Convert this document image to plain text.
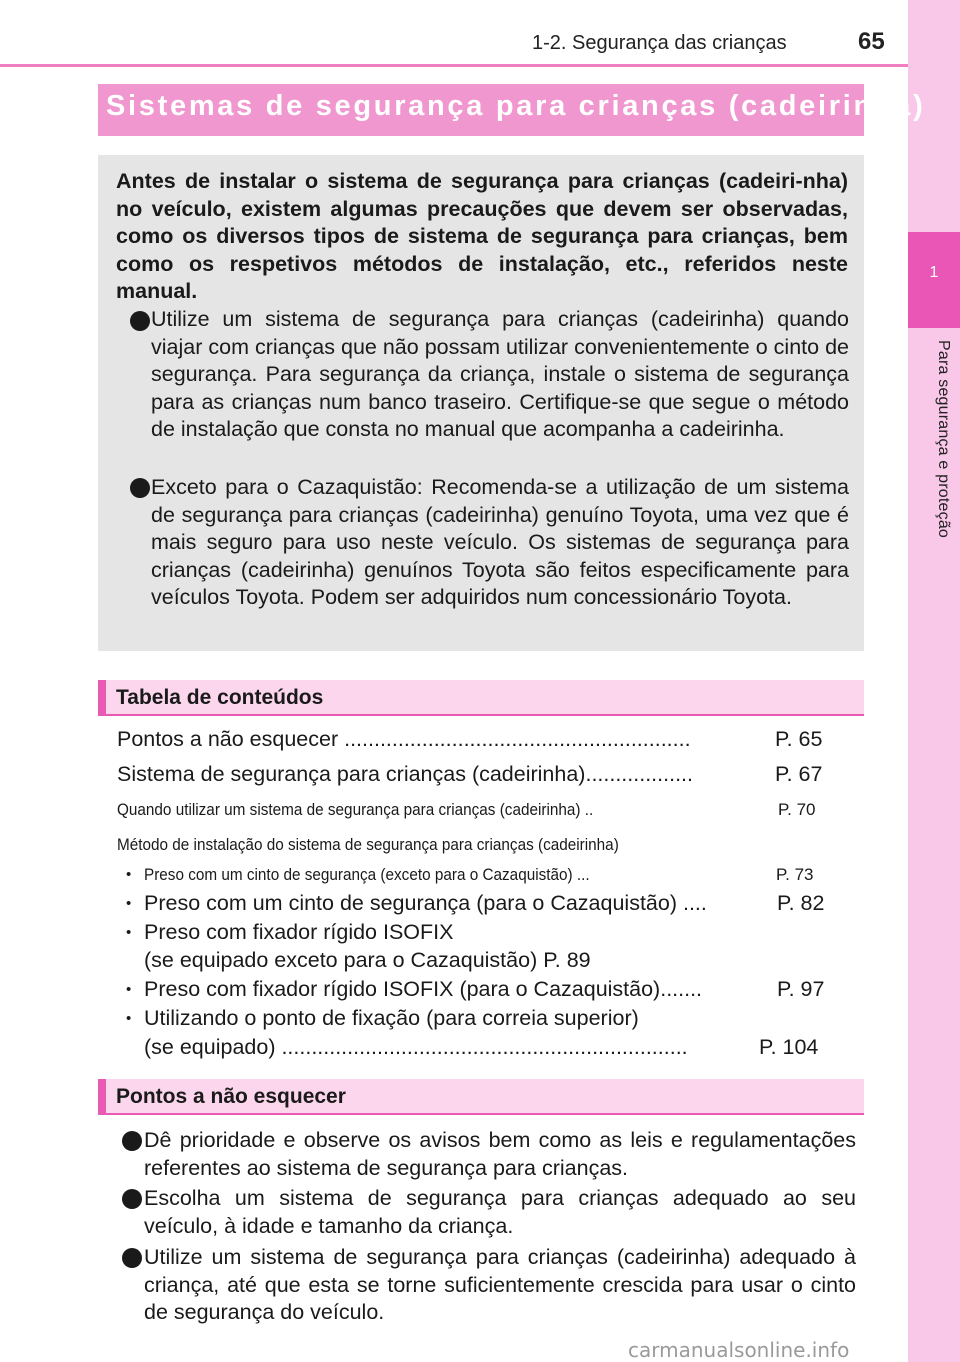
1-2. Segurança das crianças	65
1
Para segurança e proteção
Sistemas de segurança para crianças (cadeirinha)
Antes de instalar o sistema de segurança para crianças (cadeiri-nha) no veículo, existem algumas precauções que devem ser observadas, como os diversos tipos de sistema de segurança para crianças, bem como os respetivos métodos de instalação, etc., referidos neste manual.
Utilize um sistema de segurança para crianças (cadeirinha) quando viajar com crianças que não possam utilizar convenientemente o cinto de segurança. Para segurança da criança, instale o sistema de segurança para as crianças num banco traseiro. Certifique-se que segue o método de instalação que consta no manual que acompanha a cadeirinha.
Exceto para o Cazaquistão: Recomenda-se a utilização de um sistema de segurança para crianças (cadeirinha) genuíno Toyota, uma vez que é mais seguro para uso neste veículo. Os sistemas de segurança para crianças (cadeirinha) genuínos Toyota são feitos especificamente para veículos Toyota. Podem ser adquiridos num concessionário Toyota.
Tabela de conteúdos
Pontos a não esquecer ..........................................................	P. 65
Sistema de segurança para crianças (cadeirinha)..................	P. 67
Quando utilizar um sistema de segurança para crianças (cadeirinha) ..	P. 70
Método de instalação do sistema de segurança para crianças (cadeirinha)
• Preso com um cinto de segurança (exceto para o Cazaquistão) ...	P. 73
• Preso com um cinto de segurança (para o Cazaquistão) ....	P. 82
• Preso com fixador rígido ISOFIX
(se equipado exceto para o Cazaquistão) P. 89
• Preso com fixador rígido ISOFIX (para o Cazaquistão).......	P. 97
• Utilizando o ponto de fixação (para correia superior)
(se equipado) ....................................................................	P. 104
Pontos a não esquecer
Dê prioridade e observe os avisos bem como as leis e regulamentações referentes ao sistema de segurança para crianças.
Escolha um sistema de segurança para crianças adequado ao seu veículo, à idade e tamanho da criança.
Utilize um sistema de segurança para crianças (cadeirinha) adequado à criança, até que esta se torne suficientemente crescida para usar o cinto de segurança do veículo.
carmanualsonline.info
